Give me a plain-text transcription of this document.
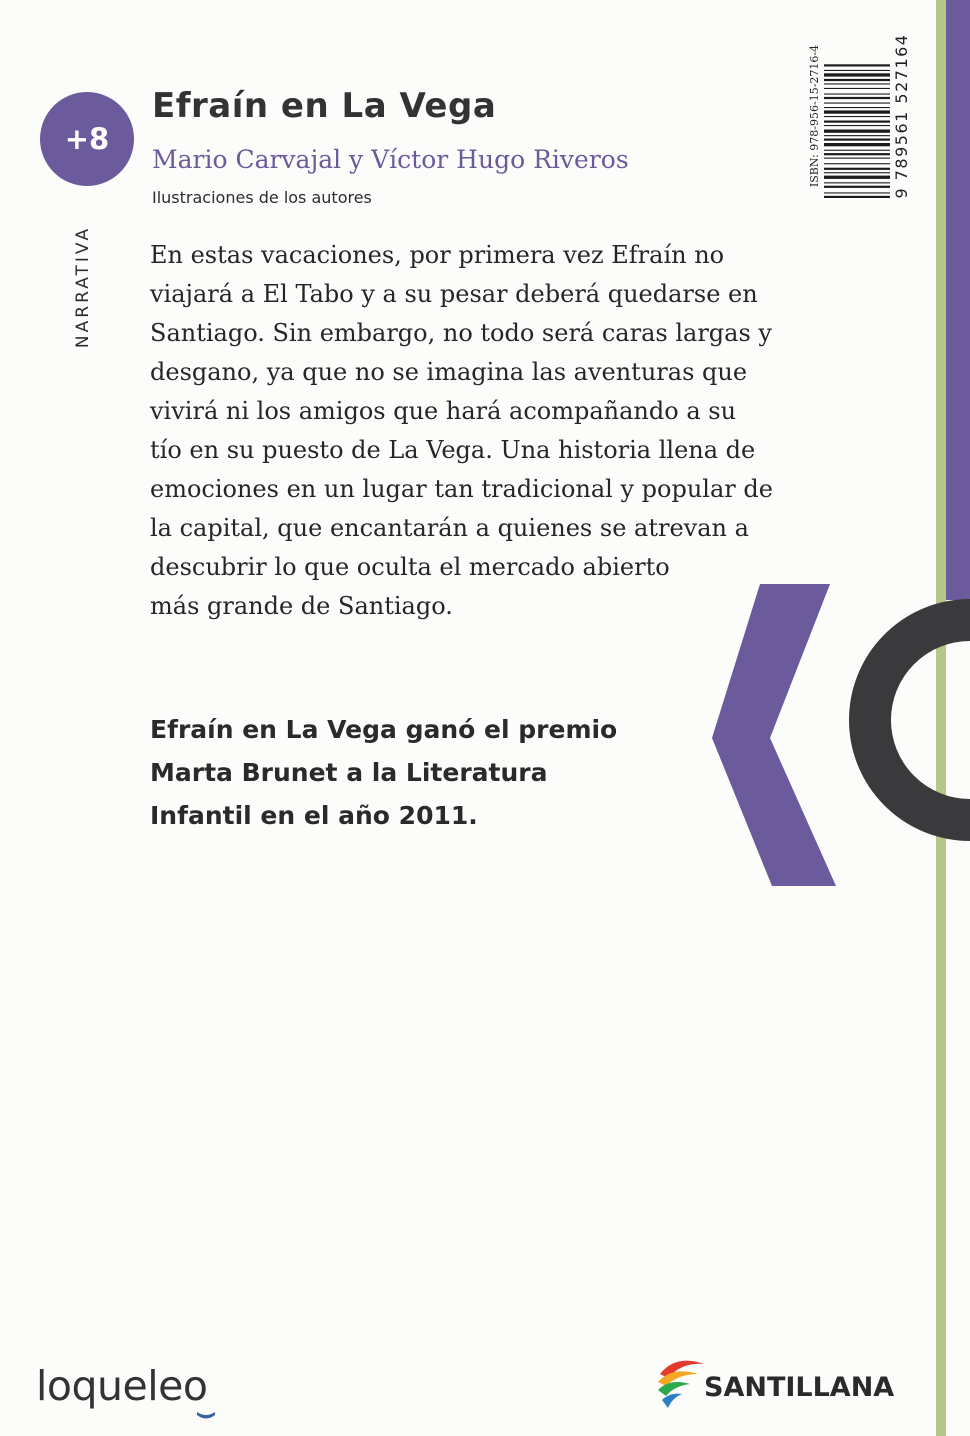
+8
NARRATIVA
Efraín en La Vega
Mario Carvajal y Víctor Hugo Riveros
Ilustraciones de los autores

En estas vacaciones, por primera vez Efraín no
viajará a El Tabo y a su pesar deberá quedarse en
Santiago. Sin embargo, no todo será caras largas y
desgano, ya que no se imagina las aventuras que
vivirá ni los amigos que hará acompañando a su
tío en su puesto de La Vega. Una historia llena de
emociones en un lugar tan tradicional y popular de
la capital, que encantarán a quienes se atrevan a
descubrir lo que oculta el mercado abierto
más grande de Santiago.

Efraín en La Vega ganó el premio
Marta Brunet a la Literatura
Infantil en el año 2011.

ISBN: 978-956-15-2716-4	9 789561 527164
loqueleo	SANTILLANA
